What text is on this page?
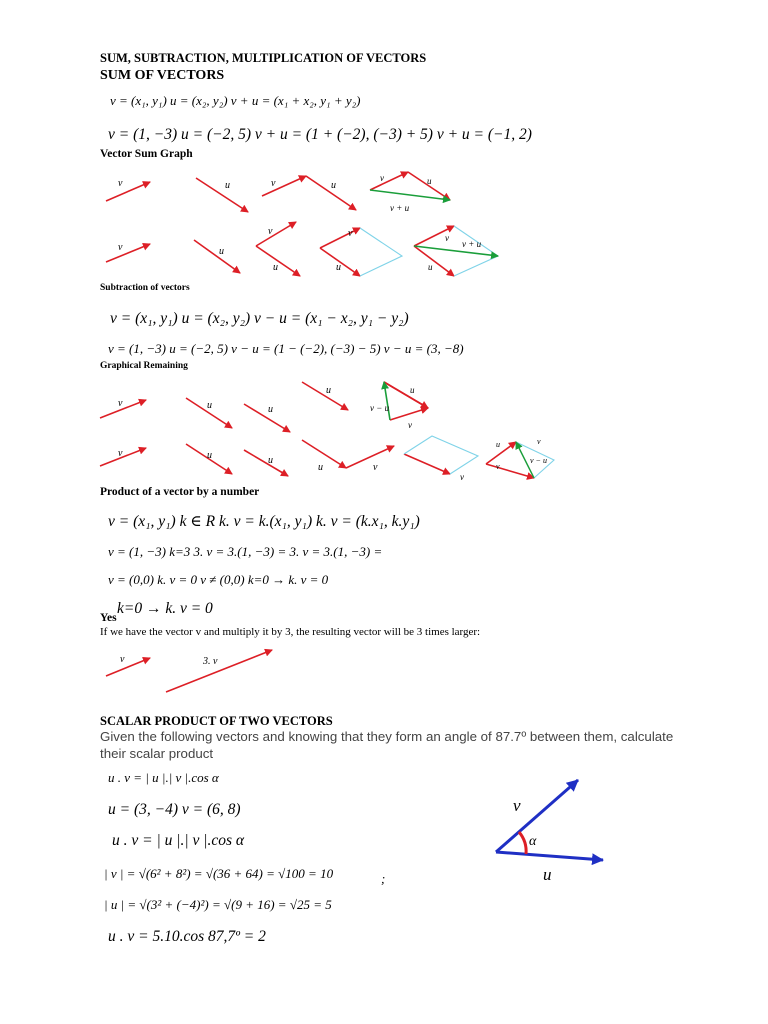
SUM, SUBTRACTION, MULTIPLICATION OF VECTORS
SUM OF VECTORS
v = (x₁, y₁) u = (x₂, y₂) v + u = (x₁ + x₂, y₁ + y₂)
v = (1, −3) u = (−2, 5) v + u = (1 + (−2), (−3) + 5) v + u = (−1, 2)
Vector Sum Graph
Subtraction of vectors
v = (x₁, y₁) u = (x₂, y₂) v − u = (x₁ − x₂, y₁ − y₂)
v = (1, −3) u = (−2, 5) v − u = (1 − (−2), (−3) − 5) v − u = (3, −8)
Graphical Remaining
Product of a vector by a number
v = (x₁, y₁) k ∈ R k. v = k.(x₁, y₁) k. v = (k.x₁, k.y₁)
v = (1, −3) k=3 3. v = 3.(1, −3) = 3. v = 3.(1, −3) =
v = (0,0) k. v = 0 v ≠ (0,0) k=0 → k. v = 0
k=0 → k. v = 0
Yes
If we have the vector v and multiply it by 3, the resulting vector will be 3 times larger:
SCALAR PRODUCT OF TWO VECTORS
Given the following vectors and knowing that they form an angle of 87.7º between them, calculate their scalar product
u . v = | u |.| v |.cos α
u = (3, −4) v = (6, 8)
u . v = | u |.| v |.cos α
| v | = √(6² + 8²) = √(36 + 64) = √100 = 10	;
| u | = √(3² + (−4)²) = √(9 + 16) = √25 = 5
u . v = 5.10.cos 87,7º = 2
v	u	v	u
v	u
v + u
v	u
v
u
v
u
v
v + u
u
v	u	u
u
v − u
u
v
v	u	u
u	v
v
u	v
v − u
v
v	3. v
v
α
u
